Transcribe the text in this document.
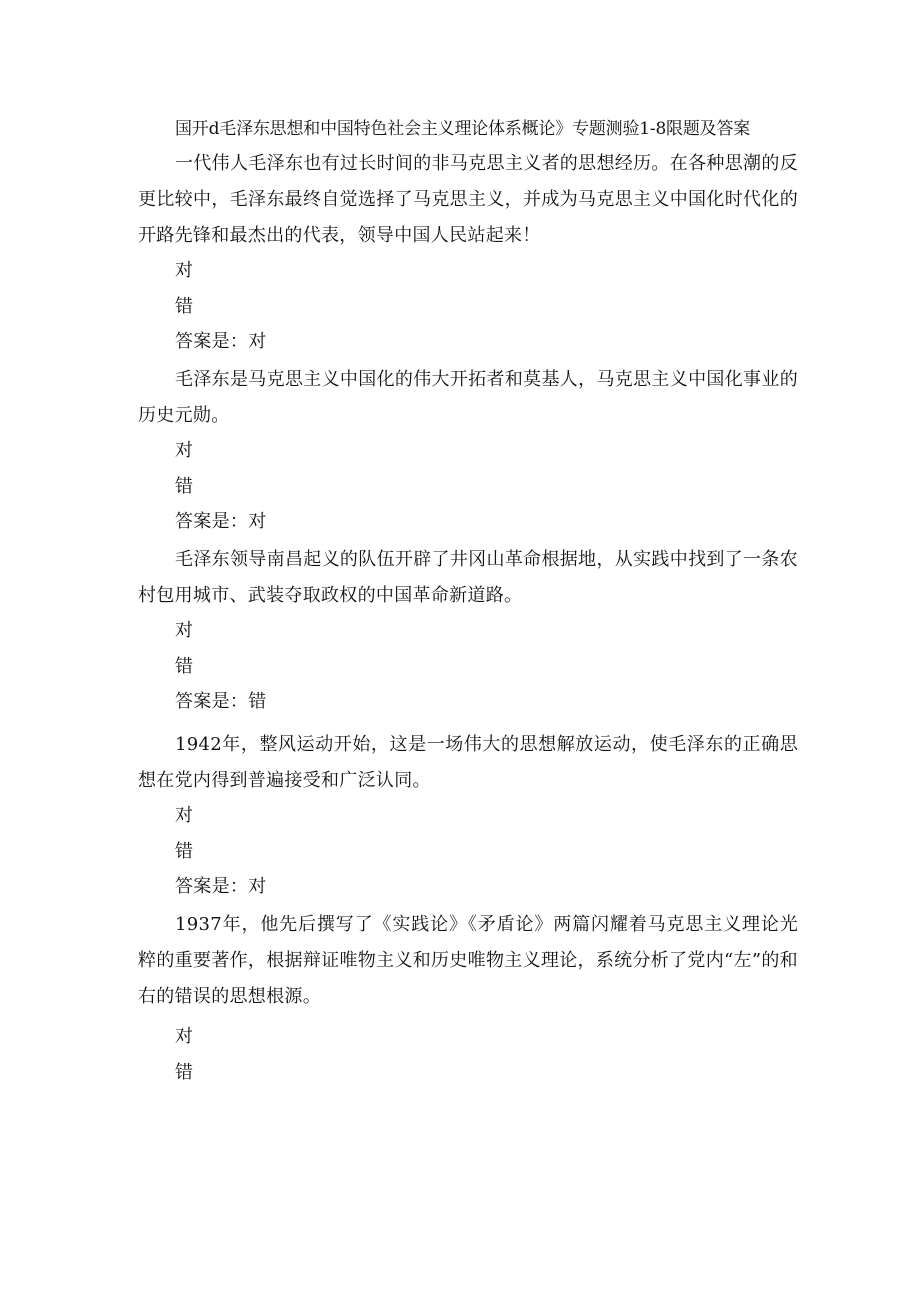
国开d毛泽东思想和中国特色社会主义理论体系概论》专题测验1-8限题及答案
一代伟人毛泽东也有过长时间的非马克思主义者的思想经历。在各种思潮的反更比较中，毛泽东最终自觉选择了马克思主义，并成为马克思主义中国化时代化的开路先锋和最杰出的代表，领导中国人民站起来！
对
错
答案是：对
毛泽东是马克思主义中国化的伟大开拓者和莫基人，马克思主义中国化事业的历史元勋。
对
错
答案是：对
毛泽东领导南昌起义的队伍开辟了井冈山革命根据地，从实践中找到了一条农村包用城市、武装夺取政权的中国革命新道路。
对
错
答案是：错
1942年，整风运动开始，这是一场伟大的思想解放运动，使毛泽东的正确思想在党内得到普遍接受和广泛认同。
对
错
答案是：对
1937年，他先后撰写了《实践论》《矛盾论》两篇闪耀着马克思主义理论光粹的重要著作，根据辩证唯物主义和历史唯物主义理论，系统分析了党内“左”的和右的错误的思想根源。
对
错
